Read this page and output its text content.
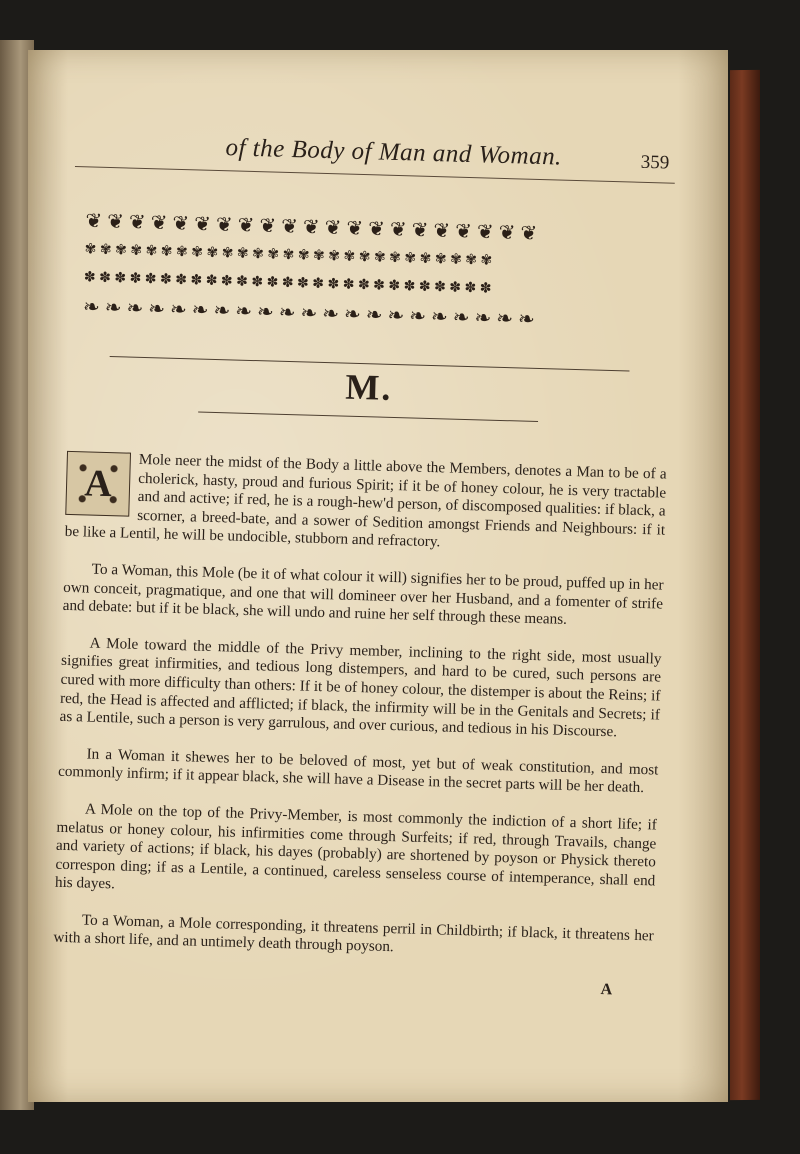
of the Body of Man and Woman.	359
❦ ❦ ❦ ❦ ❦ ❦ ❦ ❦ ❦ ❦ ❦ ❦ ❦ ❦ ❦ ❦ ❦ ❦ ❦ ❦ ❦
✾ ✾ ✾ ✾ ✾ ✾ ✾ ✾ ✾ ✾ ✾ ✾ ✾ ✾ ✾ ✾ ✾ ✾ ✾ ✾ ✾ ✾ ✾ ✾ ✾ ✾ ✾
✽ ✽ ✽ ✽ ✽ ✽ ✽ ✽ ✽ ✽ ✽ ✽ ✽ ✽ ✽ ✽ ✽ ✽ ✽ ✽ ✽ ✽ ✽ ✽ ✽ ✽ ✽
❧ ❧ ❧ ❧ ❧ ❧ ❧ ❧ ❧ ❧ ❧ ❧ ❧ ❧ ❧ ❧ ❧ ❧ ❧ ❧ ❧
M.

A	Mole neer the midst of the Body a little above the Members, denotes a Man to be of a cholerick, hasty, proud and furious Spirit; if it be of honey colour, he is very tractable and and active; if red, he is a rough-hew'd person, of discomposed qualities: if black, a scorner, a breed-bate, and a sower of Sedition amongst Friends and Neighbours: if it be like a Lentil, he will be undocible, stubborn and refractory.

To a Woman, this Mole (be it of what colour it will) signifies her to be proud, puffed up in her own conceit, pragmatique, and one that will domineer over her Husband, and a fomenter of strife and debate: but if it be black, she will undo and ruine her self through these means.

A Mole toward the middle of the Privy member, inclining to the right side, most usually signifies great infirmities, and tedious long distempers, and hard to be cured, such persons are cured with more difficulty than others: If it be of honey colour, the distemper is about the Reins; if red, the Head is affected and afflicted; if black, the infirmity will be in the Genitals and Secrets; if as a Lentile, such a person is very garrulous, and over curious, and tedious in his Discourse.

In a Woman it shewes her to be beloved of most, yet but of weak constitution, and most commonly infirm; if it appear black, she will have a Disease in the secret parts will be her death.

A Mole on the top of the Privy-Member, is most commonly the indiction of a short life; if melatus or honey colour, his infirmities come through Surfeits; if red, through Travails, change and variety of actions; if black, his dayes (probably) are shortened by poyson or Physick thereto correspon ding; if as a Lentile, a continued, careless senseless course of intemperance, shall end his dayes.

To a Woman, a Mole corresponding, it threatens perril in Childbirth; if black, it threatens her with a short life, and an untimely death through poyson.

A
